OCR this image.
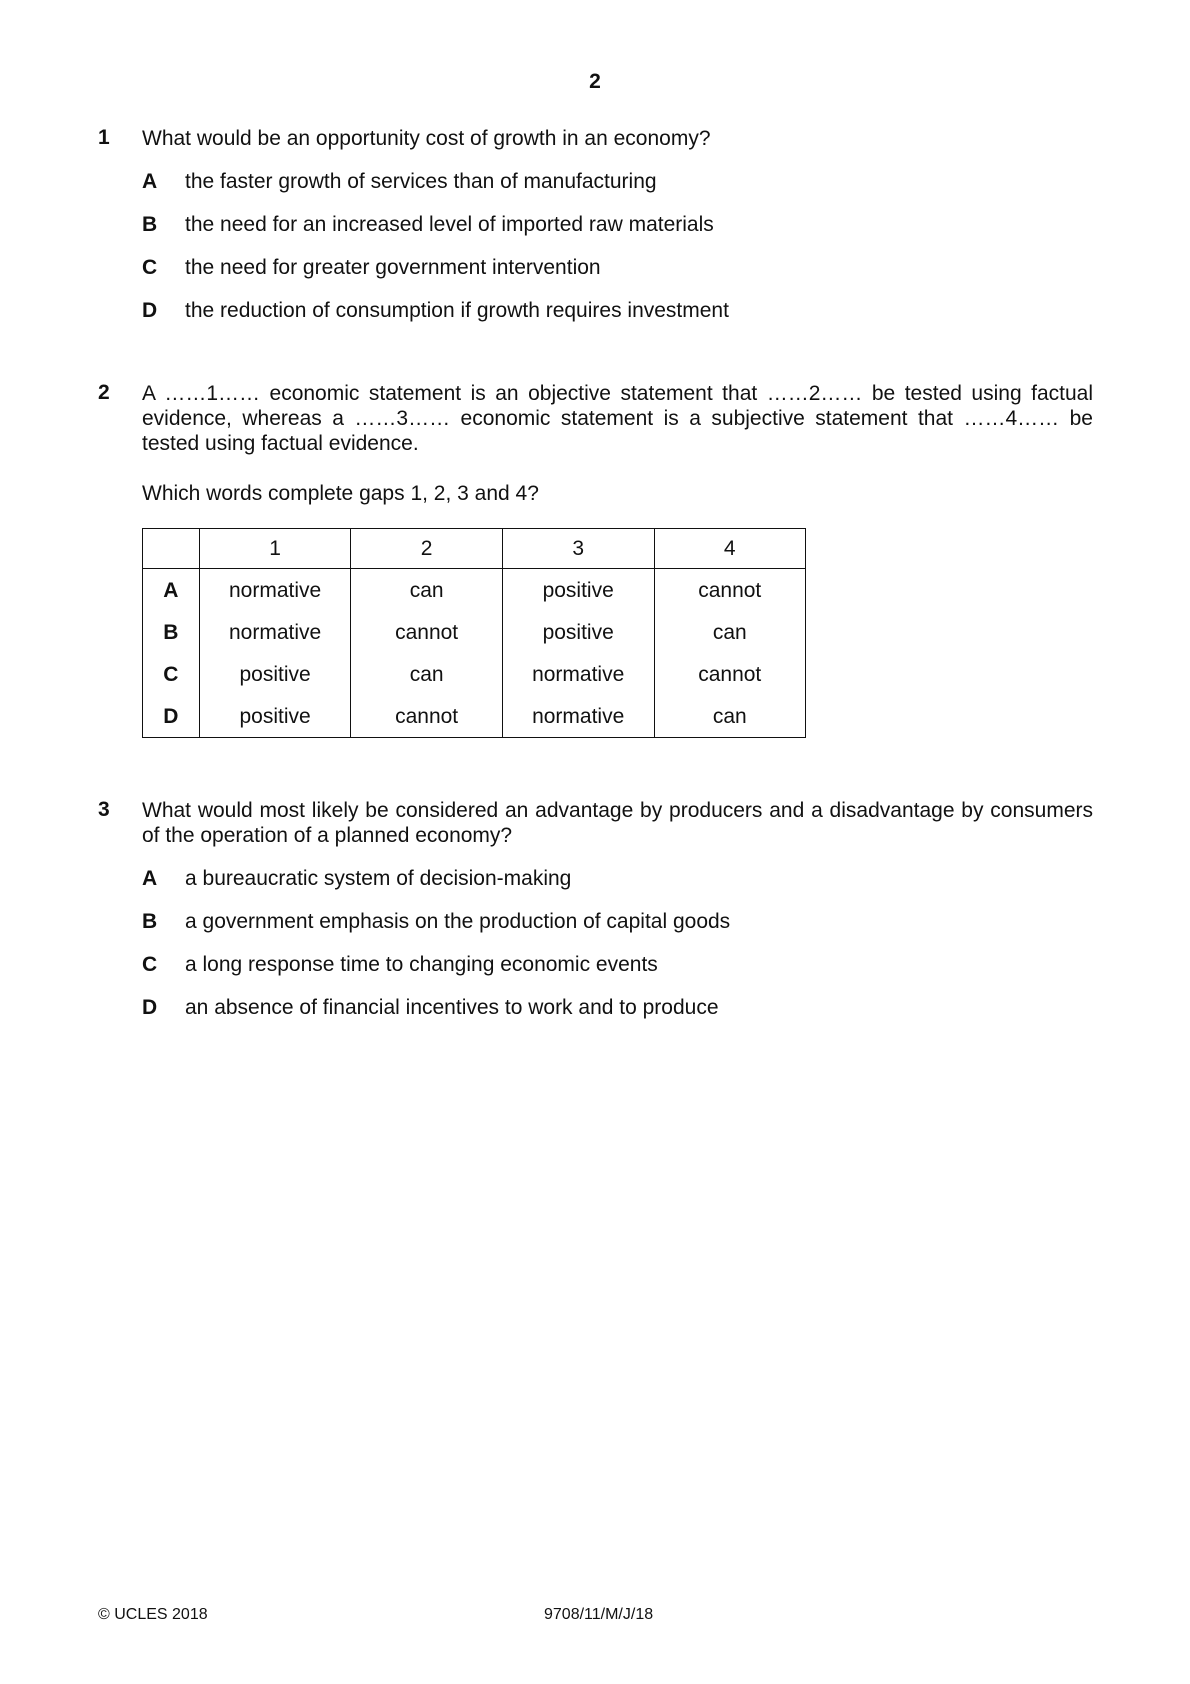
2
1 What would be an opportunity cost of growth in an economy?
A the faster growth of services than of manufacturing
B the need for an increased level of imported raw materials
C the need for greater government intervention
D the reduction of consumption if growth requires investment
2 A ……1…… economic statement is an objective statement that ……2…… be tested using factual evidence, whereas a ……3…… economic statement is a subjective statement that ……4…… be tested using factual evidence.
Which words complete gaps 1, 2, 3 and 4?
	1	2	3	4
A	normative	can	positive	cannot
B	normative	cannot	positive	can
C	positive	can	normative	cannot
D	positive	cannot	normative	can
3 What would most likely be considered an advantage by producers and a disadvantage by consumers of the operation of a planned economy?
A a bureaucratic system of decision-making
B a government emphasis on the production of capital goods
C a long response time to changing economic events
D an absence of financial incentives to work and to produce
© UCLES 2018	9708/11/M/J/18
